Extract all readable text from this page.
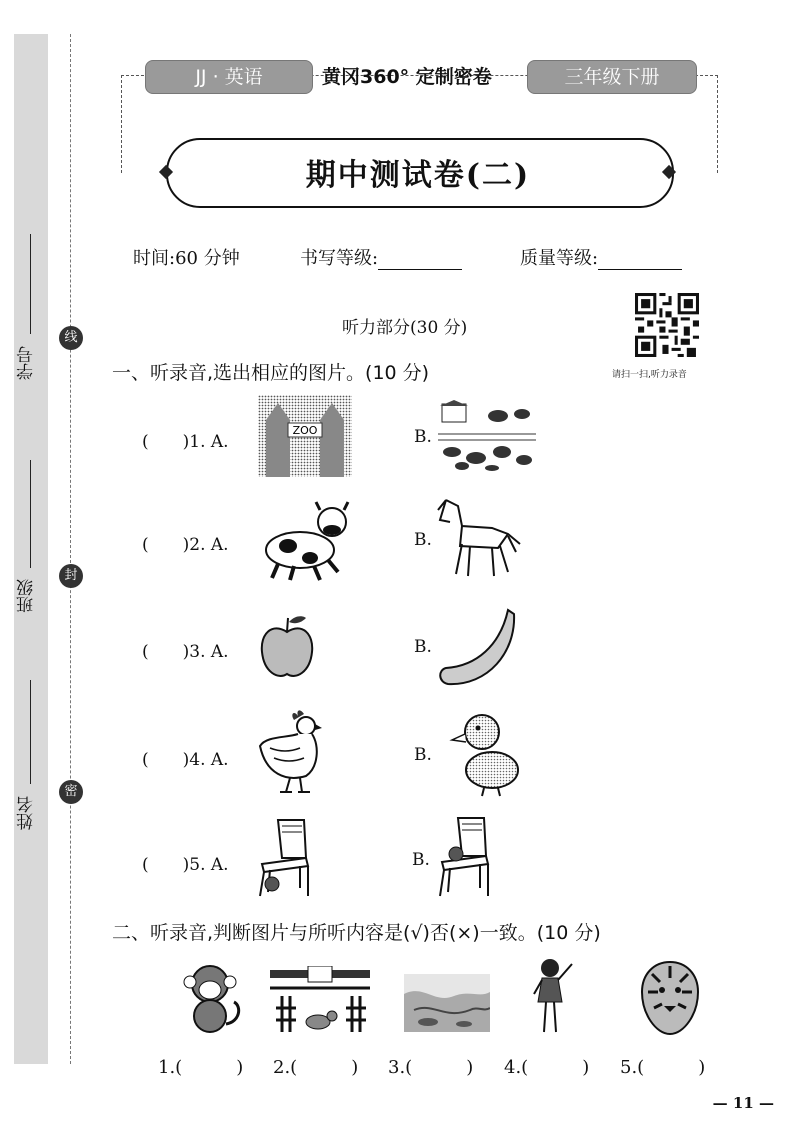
学号
班级
姓名
线
封
密
JJ · 英语	黄冈360° 定制密卷	三年级下册
期中测试卷(二)
时间:60 分钟	书写等级:	质量等级:
听力部分(30 分)
请扫一扫,听力录音
一、听录音,选出相应的图片。(10 分)
(　　)1. A.
ZOO	B.
(　　)2. A.	B.
(　　)3. A.	B.
(　　)4. A.	B.
(　　)5. A.	B.
二、听录音,判断图片与所听内容是(√)否(×)一致。(10 分)
1.(　　　) 2.(　　　) 3.(　　　) 4.(　　　) 5.(　　　)
— 11 —
